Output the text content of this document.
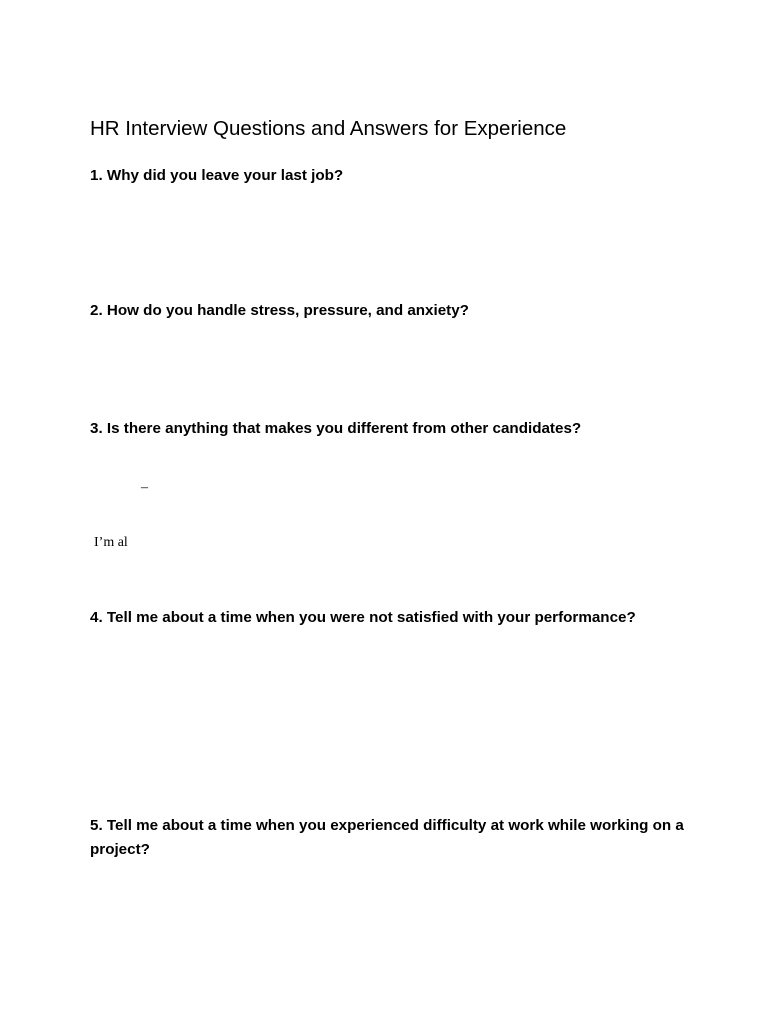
HR Interview Questions and Answers for Experience

1. Why did you leave your last job?

2. How do you handle stress, pressure, and anxiety?

3. Is there anything that makes you different from other candidates?

–
I’m al

4. Tell me about a time when you were not satisfied with your performance?

5. Tell me about a time when you experienced difficulty at work while working on a project?
